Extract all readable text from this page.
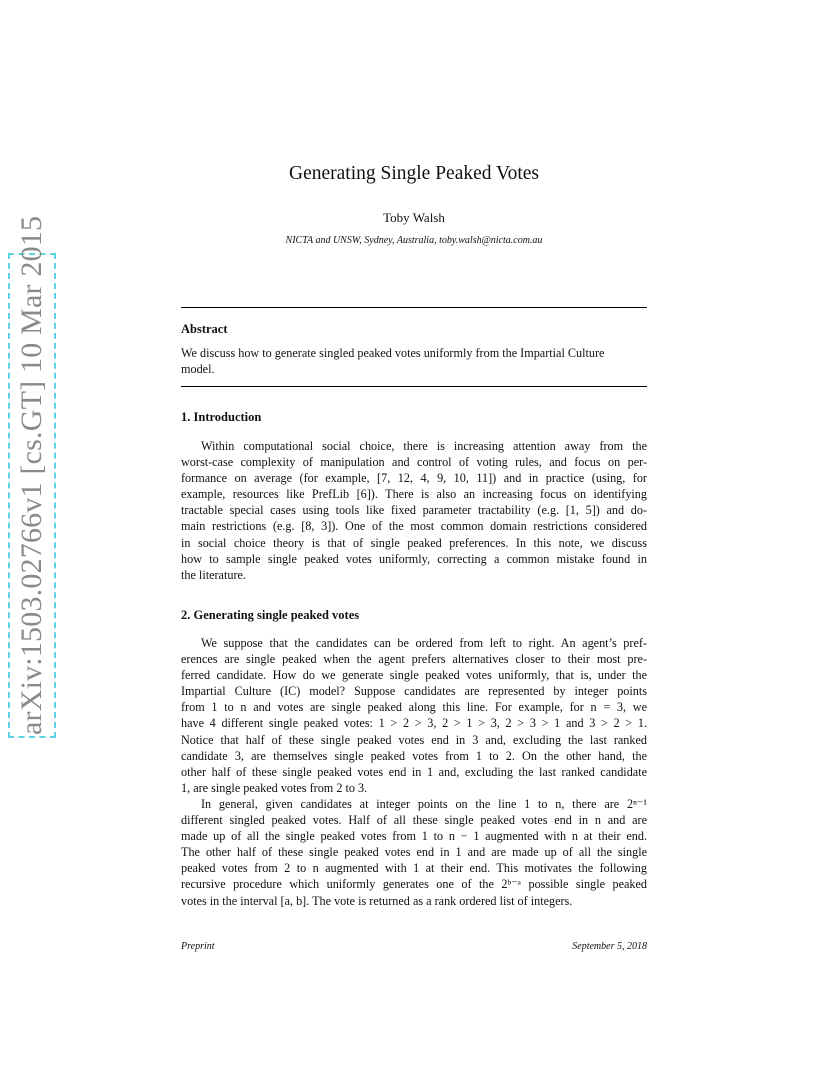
arXiv:1503.02766v1 [cs.GT] 10 Mar 2015
Generating Single Peaked Votes
Toby Walsh
NICTA and UNSW, Sydney, Australia, toby.walsh@nicta.com.au
Abstract
We discuss how to generate singled peaked votes uniformly from the Impartial Culture
model.
1. Introduction
Within computational social choice, there is increasing attention away from the
worst-case complexity of manipulation and control of voting rules, and focus on per-
formance on average (for example, [7, 12, 4, 9, 10, 11]) and in practice (using, for
example, resources like PrefLib [6]). There is also an increasing focus on identifying
tractable special cases using tools like fixed parameter tractability (e.g. [1, 5]) and do-
main restrictions (e.g. [8, 3]). One of the most common domain restrictions considered
in social choice theory is that of single peaked preferences. In this note, we discuss
how to sample single peaked votes uniformly, correcting a common mistake found in
the literature.
2. Generating single peaked votes
We suppose that the candidates can be ordered from left to right. An agent’s pref-
erences are single peaked when the agent prefers alternatives closer to their most pre-
ferred candidate. How do we generate single peaked votes uniformly, that is, under the
Impartial Culture (IC) model? Suppose candidates are represented by integer points
from 1 to n and votes are single peaked along this line. For example, for n = 3, we
have 4 different single peaked votes: 1 > 2 > 3, 2 > 1 > 3, 2 > 3 > 1 and 3 > 2 > 1.
Notice that half of these single peaked votes end in 3 and, excluding the last ranked
candidate 3, are themselves single peaked votes from 1 to 2. On the other hand, the
other half of these single peaked votes end in 1 and, excluding the last ranked candidate
1, are single peaked votes from 2 to 3.
In general, given candidates at integer points on the line 1 to n, there are 2ⁿ⁻¹
different singled peaked votes. Half of all these single peaked votes end in n and are
made up of all the single peaked votes from 1 to n − 1 augmented with n at their end.
The other half of these single peaked votes end in 1 and are made up of all the single
peaked votes from 2 to n augmented with 1 at their end. This motivates the following
recursive procedure which uniformly generates one of the 2ᵇ⁻ᵃ possible single peaked
votes in the interval [a, b]. The vote is returned as a rank ordered list of integers.
Preprint	September 5, 2018
